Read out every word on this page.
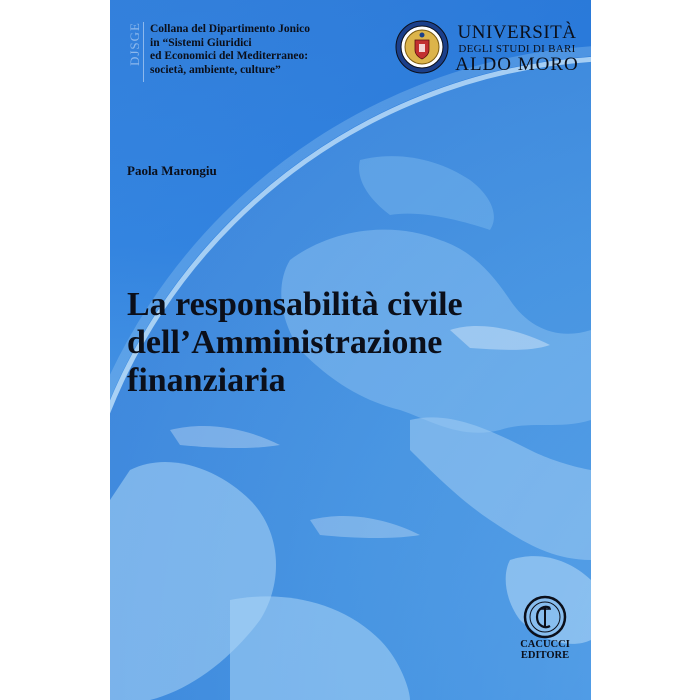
DJSGE Collana del Dipartimento Jonico
in “Sistemi Giuridici
ed Economici del Mediterraneo:
società, ambiente, culture”
UNIVERSITÀ
DEGLI STUDI DI BARI
ALDO MORO
Paola Marongiu
La responsabilità civile
dell’Amministrazione
finanziaria
CACUCCI
EDITORE
